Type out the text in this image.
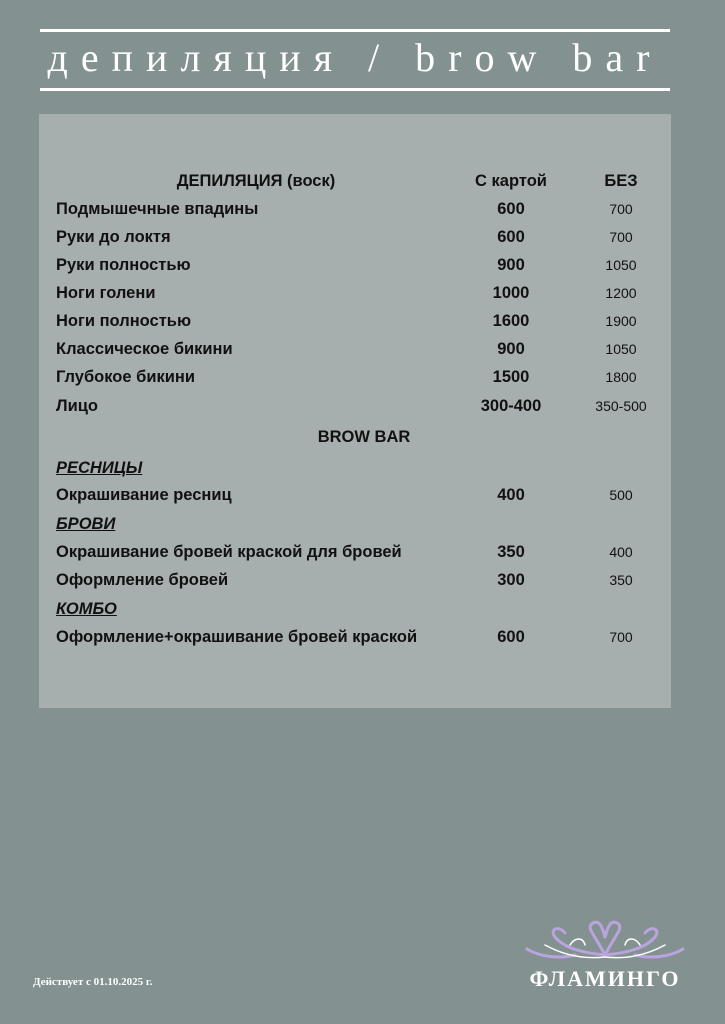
депиляция / brow bar
ДЕПИЛЯЦИЯ (воск)	С картой	БЕЗ
Подмышечные впадины	600	700
Руки до локтя	600	700
Руки полностью	900	1050
Ноги голени	1000	1200
Ноги полностью	1600	1900
Классическое бикини	900	1050
Глубокое бикини	1500	1800
Лицо	300-400	350-500
BROW BAR
РЕСНИЦЫ
Окрашивание ресниц	400	500
БРОВИ
Окрашивание бровей краской для бровей	350	400
Оформление бровей	300	350
КОМБО
Оформление+окрашивание бровей краской	600	700
Действует с 01.10.2025 г.	ФЛАМИНГО
